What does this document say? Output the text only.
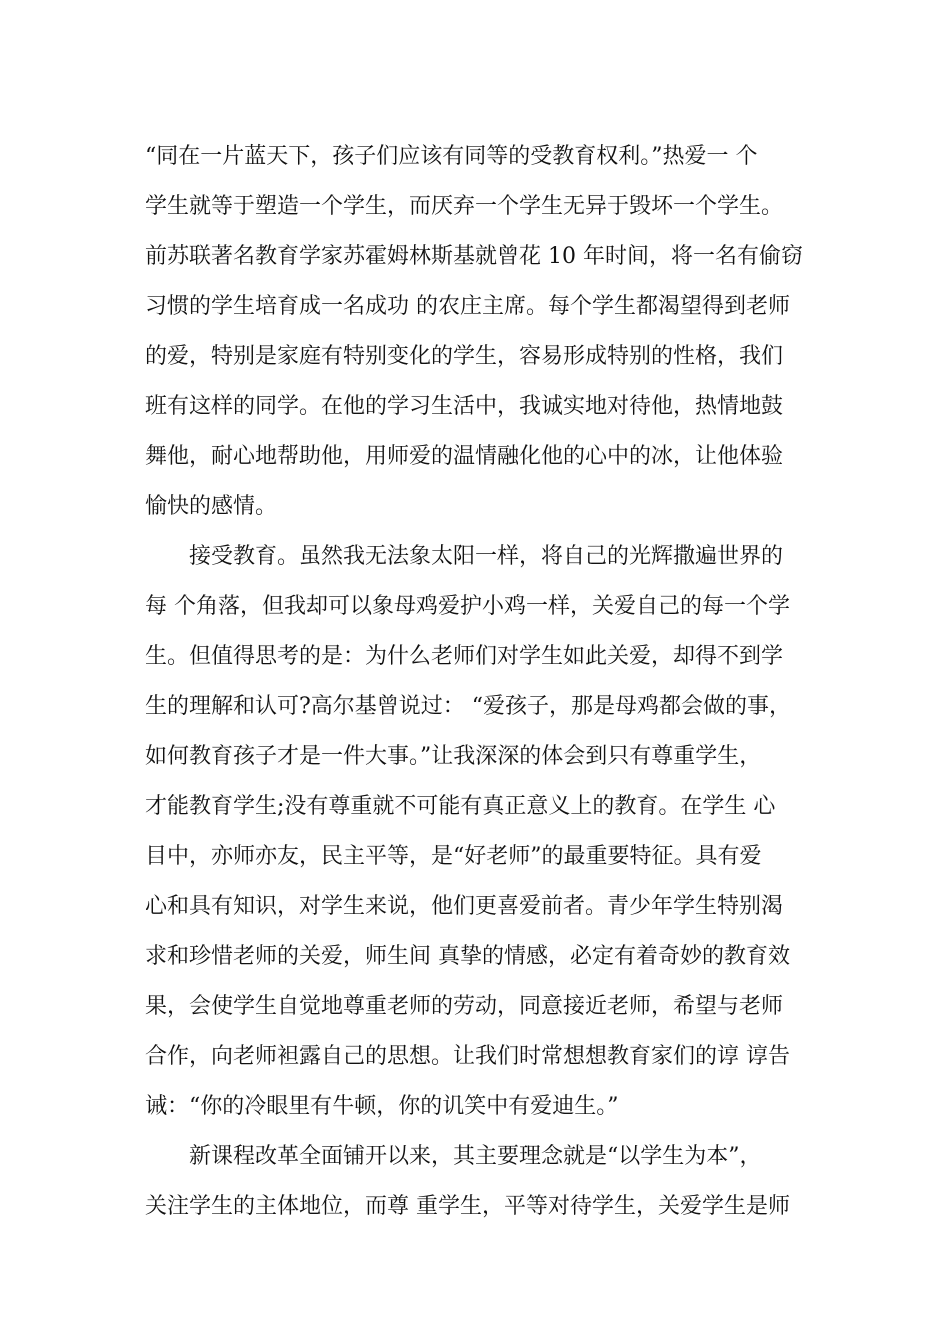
“同在一片蓝天下，孩子们应该有同等的受教育权利。”热爱一 个
学生就等于塑造一个学生，而厌弃一个学生无异于毁坏一个学生。
前苏联著名教育学家苏霍姆林斯基就曾花 10 年时间，将一名有偷窃
习惯的学生培育成一名成功 的农庄主席。每个学生都渴望得到老师
的爱，特别是家庭有特别变化的学生，容易形成特别的性格，我们
班有这样的同学。在他的学习生活中，我诚实地对待他，热情地鼓
舞他，耐心地帮助他，用师爱的温情融化他的心中的冰，让他体验
愉快的感情。
接受教育。虽然我无法象太阳一样，将自己的光辉撒遍世界的
每 个角落，但我却可以象母鸡爱护小鸡一样，关爱自己的每一个学
生。但值得思考的是：为什么老师们对学生如此关爱，却得不到学
生的理解和认可?高尔基曾说过： “爱孩子，那是母鸡都会做的事，
如何教育孩子才是一件大事。”让我深深的体会到只有尊重学生，
才能教育学生;没有尊重就不可能有真正意义上的教育。在学生 心
目中，亦师亦友，民主平等，是“好老师”的最重要特征。具有爱
心和具有知识，对学生来说，他们更喜爱前者。青少年学生特别渴
求和珍惜老师的关爱，师生间 真挚的情感，必定有着奇妙的教育效
果，会使学生自觉地尊重老师的劳动，同意接近老师，希望与老师
合作，向老师袒露自己的思想。让我们时常想想教育家们的谆 谆告
诫：“你的冷眼里有牛顿，你的讥笑中有爱迪生。”
新课程改革全面铺开以来，其主要理念就是“以学生为本”，
关注学生的主体地位，而尊 重学生，平等对待学生，关爱学生是师
